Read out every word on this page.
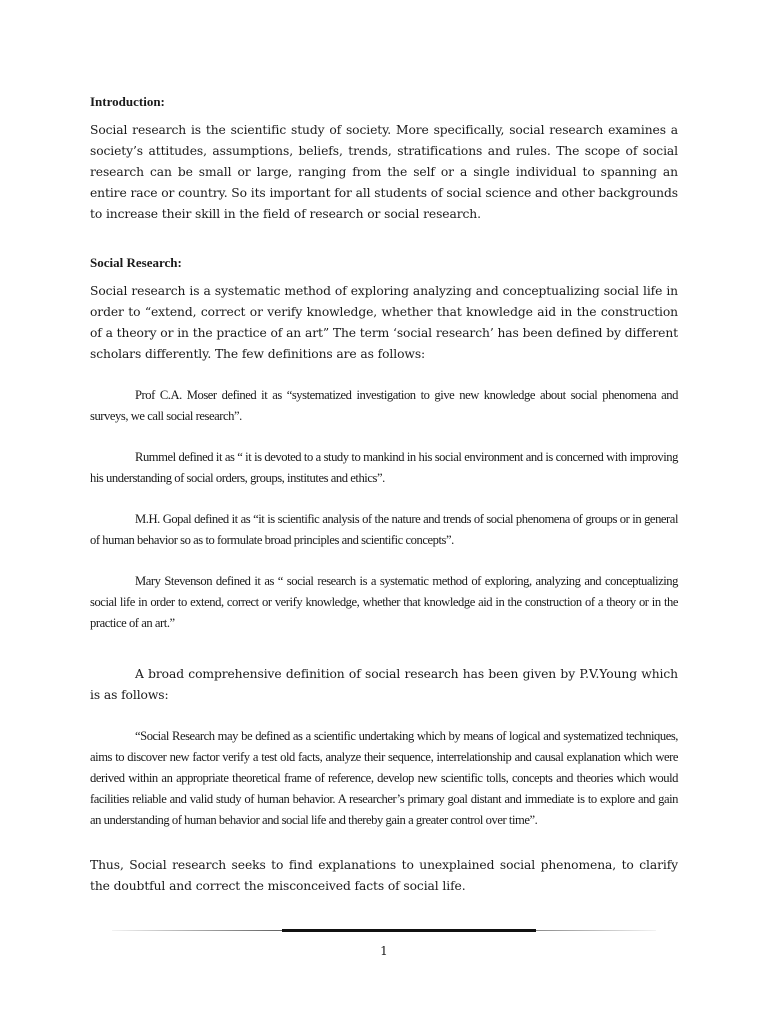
Introduction:

Social research is the scientific study of society. More specifically, social research examines a society’s attitudes, assumptions, beliefs, trends, stratifications and rules. The scope of social research can be small or large, ranging from the self or a single individual to spanning an entire race or country. So its important for all students of social science and other backgrounds to increase their skill in the field of research or social research.

Social Research:

Social research is a systematic method of exploring analyzing and conceptualizing social life in order to “extend, correct or verify knowledge, whether that knowledge aid in the construction of a theory or in the practice of an art” The term ‘social research’ has been defined by different scholars differently. The few definitions are as follows:

Prof C.A. Moser defined it as “systematized investigation to give new knowledge about social phenomena and surveys, we call social research”.

Rummel defined it as “ it is devoted to a study to mankind in his social environment and is concerned with improving his understanding of social orders, groups, institutes and ethics”.

M.H. Gopal defined it as “it is scientific analysis of the nature and trends of social phenomena of groups or in general of human behavior so as to formulate broad principles and scientific concepts”.

Mary Stevenson defined it as “ social research is a systematic method of exploring, analyzing and conceptualizing social life in order to extend, correct or verify knowledge, whether that knowledge aid in the construction of a theory or in the practice of an art.”

A broad comprehensive definition of social research has been given by P.V.Young which is as follows:

“Social Research may be defined as a scientific undertaking which by means of logical and systematized techniques, aims to discover new factor verify a test old facts, analyze their sequence, interrelationship and causal explanation which were derived within an appropriate theoretical frame of reference, develop new scientific tolls, concepts and theories which would facilities reliable and valid study of human behavior. A researcher’s primary goal distant and immediate is to explore and gain an understanding of human behavior and social life and thereby gain a greater control over time”.

Thus, Social research seeks to find explanations to unexplained social phenomena, to clarify the doubtful and correct the misconceived facts of social life.

1
